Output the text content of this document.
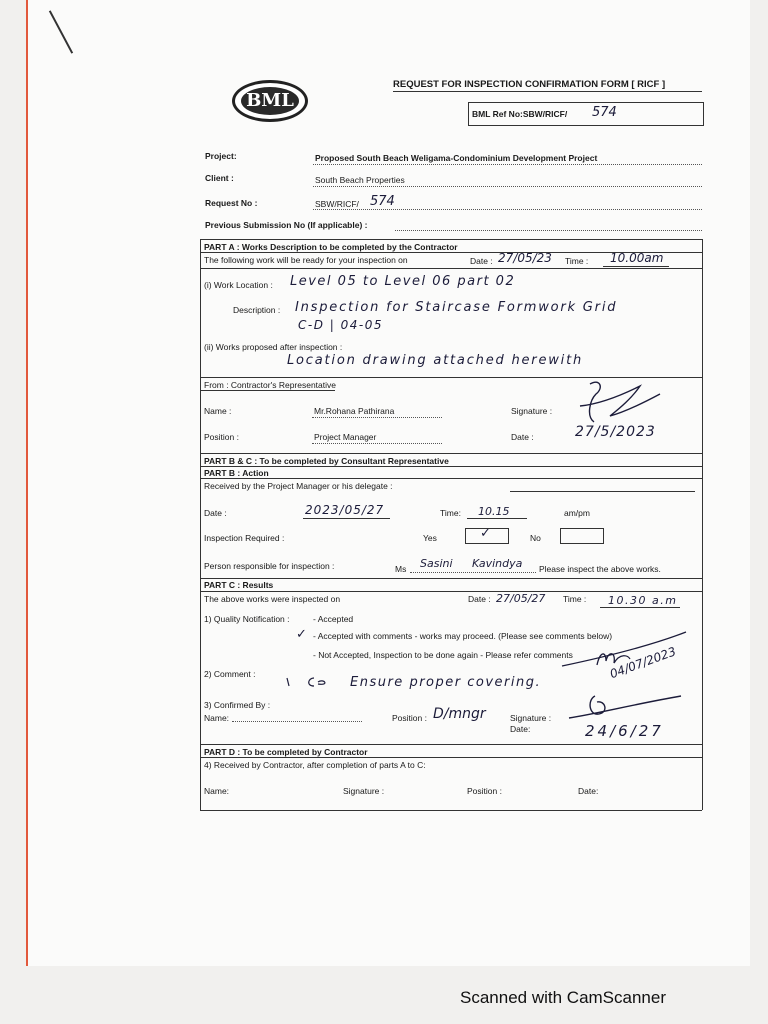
BML
REQUEST FOR INSPECTION CONFIRMATION FORM [ RICF ]
BML Ref No:SBW/RICF/ 574
Project:	Proposed South Beach Weligama-Condominium Development Project
Client :	South Beach Properties
Request No :	SBW/RICF/ 574
Previous Submission No (If applicable) :
PART A : Works Description to be completed by the Contractor
The following work will be ready for your inspection on	Date : 27/05/23 Time : 10.00am
(i) Work Location : Level 05 to Level 06 part 02
Description : Inspection for Staircase Formwork Grid
C-D | 04-05
(ii) Works proposed after inspection :
Location drawing attached herewith
From : Contractor's Representative
Name :	Mr.Rohana Pathirana	Signature :
Position :	Project Manager	Date :	27/5/2023
PART B & C : To be completed by Consultant Representative
PART B : Action
Received by the Project Manager or his delegate :
Date :	2023/05/27	Time: 10.15	am/pm
Inspection Required :	Yes	✓	No
Person responsible for inspection :	Ms Sasini Kavindya Please inspect the above works.
PART C : Results
The above works were inspected on	Date : 27/05/27 Time : 10.30 a.m
1) Quality Notification :	- Accepted
✓ - Accepted with comments - works may proceed. (Please see comments below)
- Not Accepted, Inspection to be done again - Please refer comments
2) Comment :
Ensure proper covering.
04/07/2023
3) Confirmed By :
Name:	Position : D/mngr	Signature :
Date:	24/6/27
PART D : To be completed by Contractor
4) Received by Contractor, after completion of parts A to C:
Name:	Signature :	Position :	Date:
Scanned with CamScanner
